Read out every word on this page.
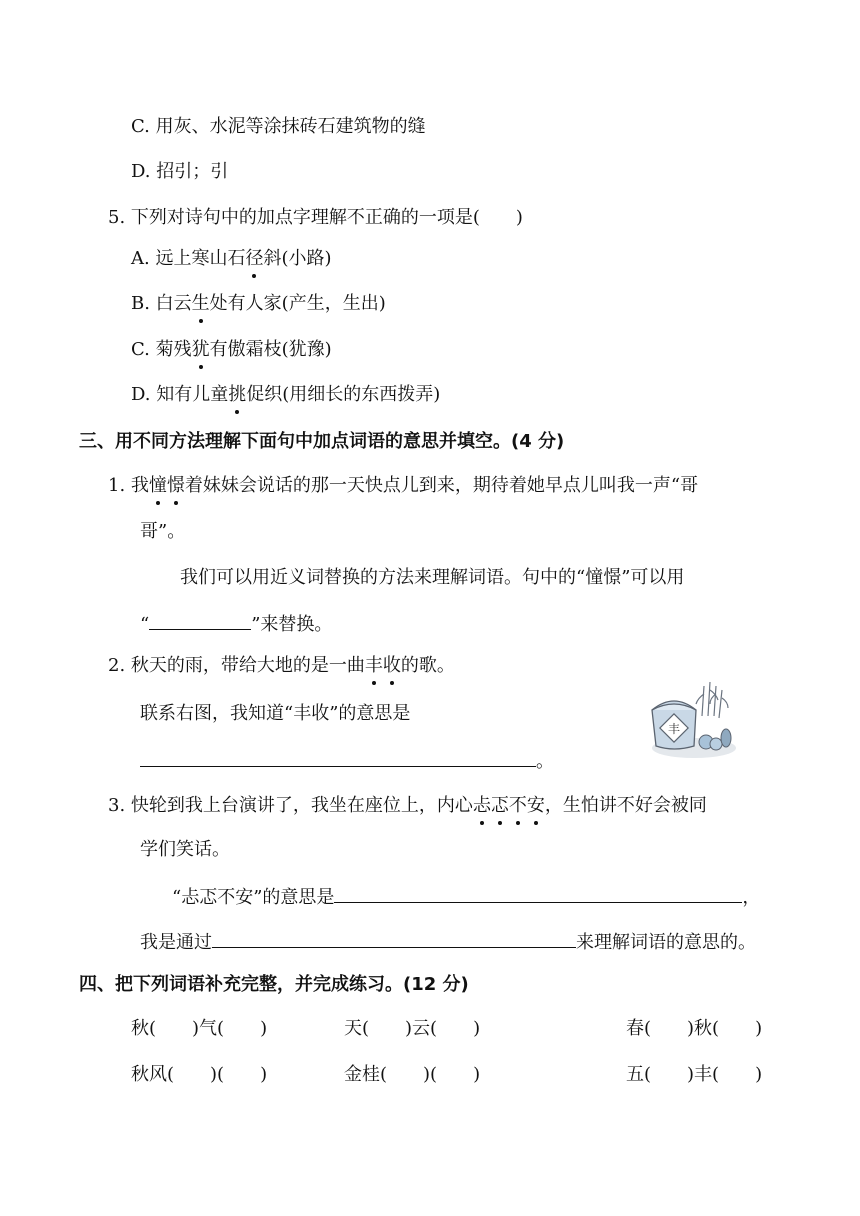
C. 用灰、水泥等涂抹砖石建筑物的缝
D. 招引；引
5. 下列对诗句中的加点字理解不正确的一项是(　　)
A. 远上寒山石径斜(小路)
B. 白云生处有人家(产生，生出)
C. 菊残犹有傲霜枝(犹豫)
D. 知有儿童挑促织(用细长的东西拨弄)
三、用不同方法理解下面句中加点词语的意思并填空。(4 分)
1. 我憧憬着妹妹会说话的那一天快点儿到来，期待着她早点儿叫我一声“哥
哥”。
我们可以用近义词替换的方法来理解词语。句中的“憧憬”可以用
“	”来替换。
2. 秋天的雨，带给大地的是一曲丰收的歌。
联系右图，我知道“丰收”的意思是
。
丰
3. 快轮到我上台演讲了，我坐在座位上，内心忐忑不安，生怕讲不好会被同
学们笑话。
“忐忑不安”的意思是	，
我是通过	来理解词语的意思的。
四、把下列词语补充完整，并完成练习。(12 分)
秋(　　)气(　　)	天(　　)云(　　)	春(　　)秋(　　)
秋风(　　)(　　)	金桂(　　)(　　)	五(　　)丰(　　)
